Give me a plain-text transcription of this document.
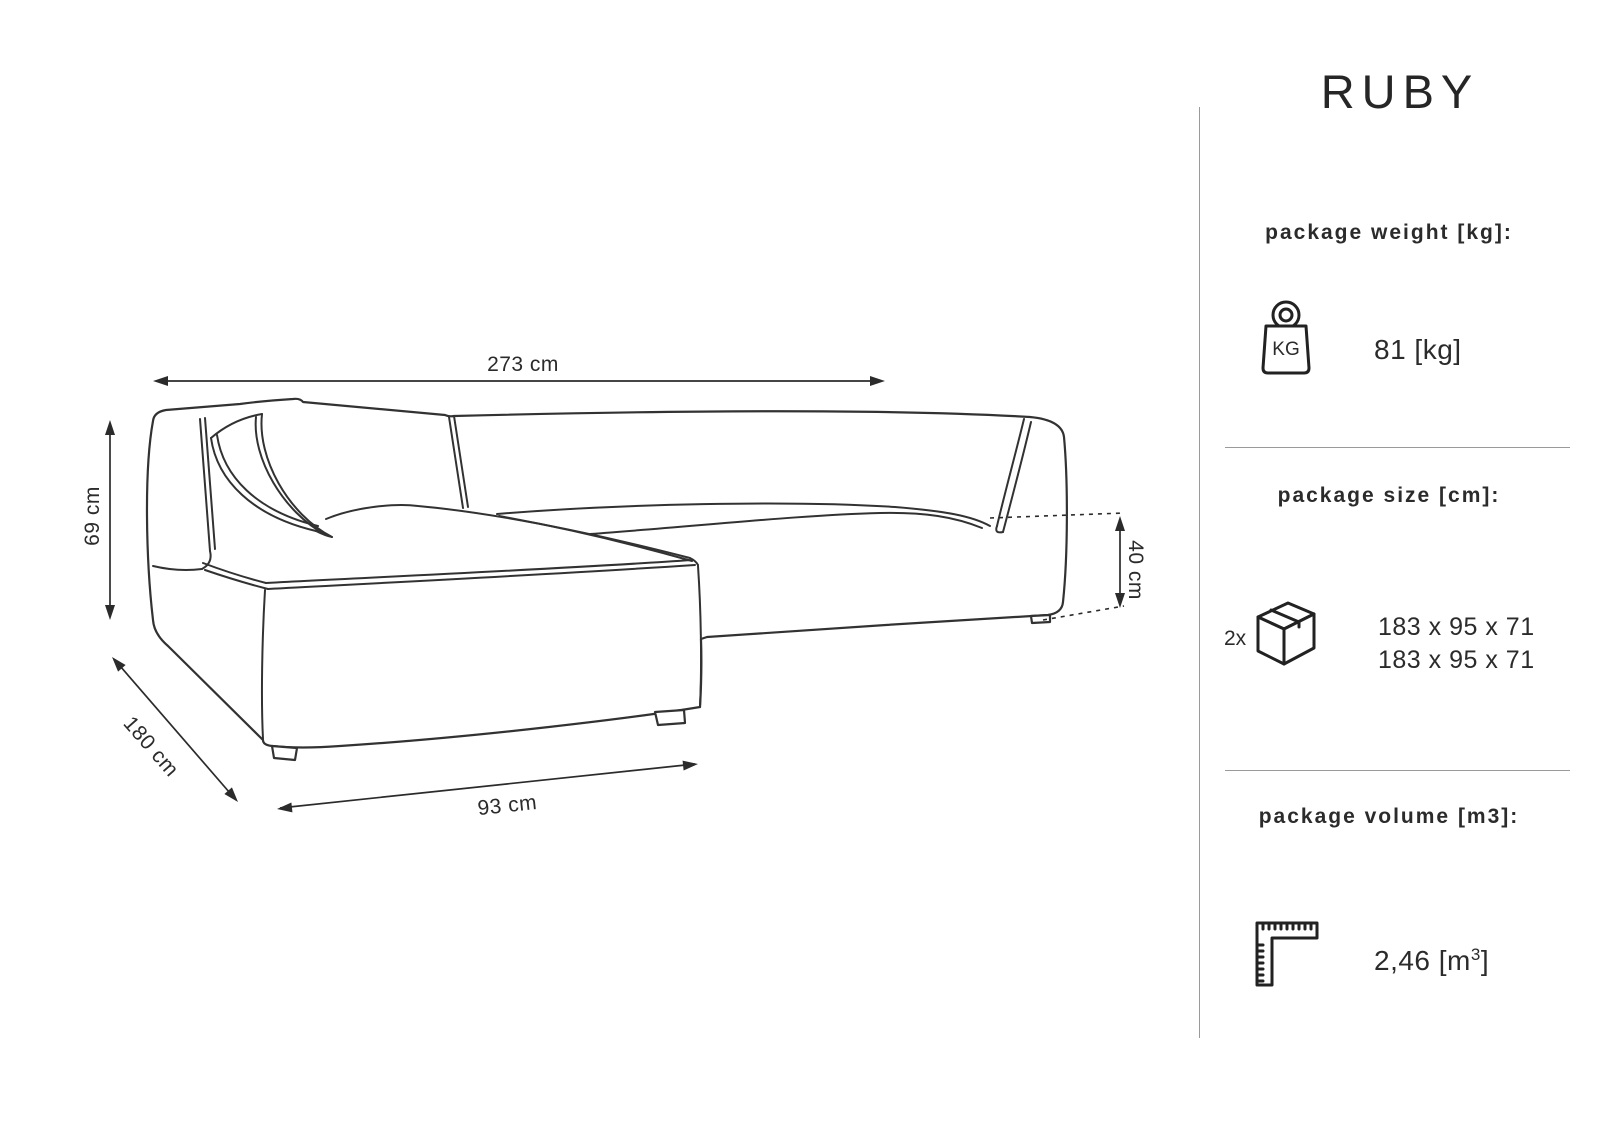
273 cm
69 cm
180 cm
93 cm
40 cm
RUBY
package weight [kg]:
KG	81 [kg]
package size [cm]:
2x	183 x 95 x 71
183 x 95 x 71
package volume [m3]:
2,46 $[m^3]$
